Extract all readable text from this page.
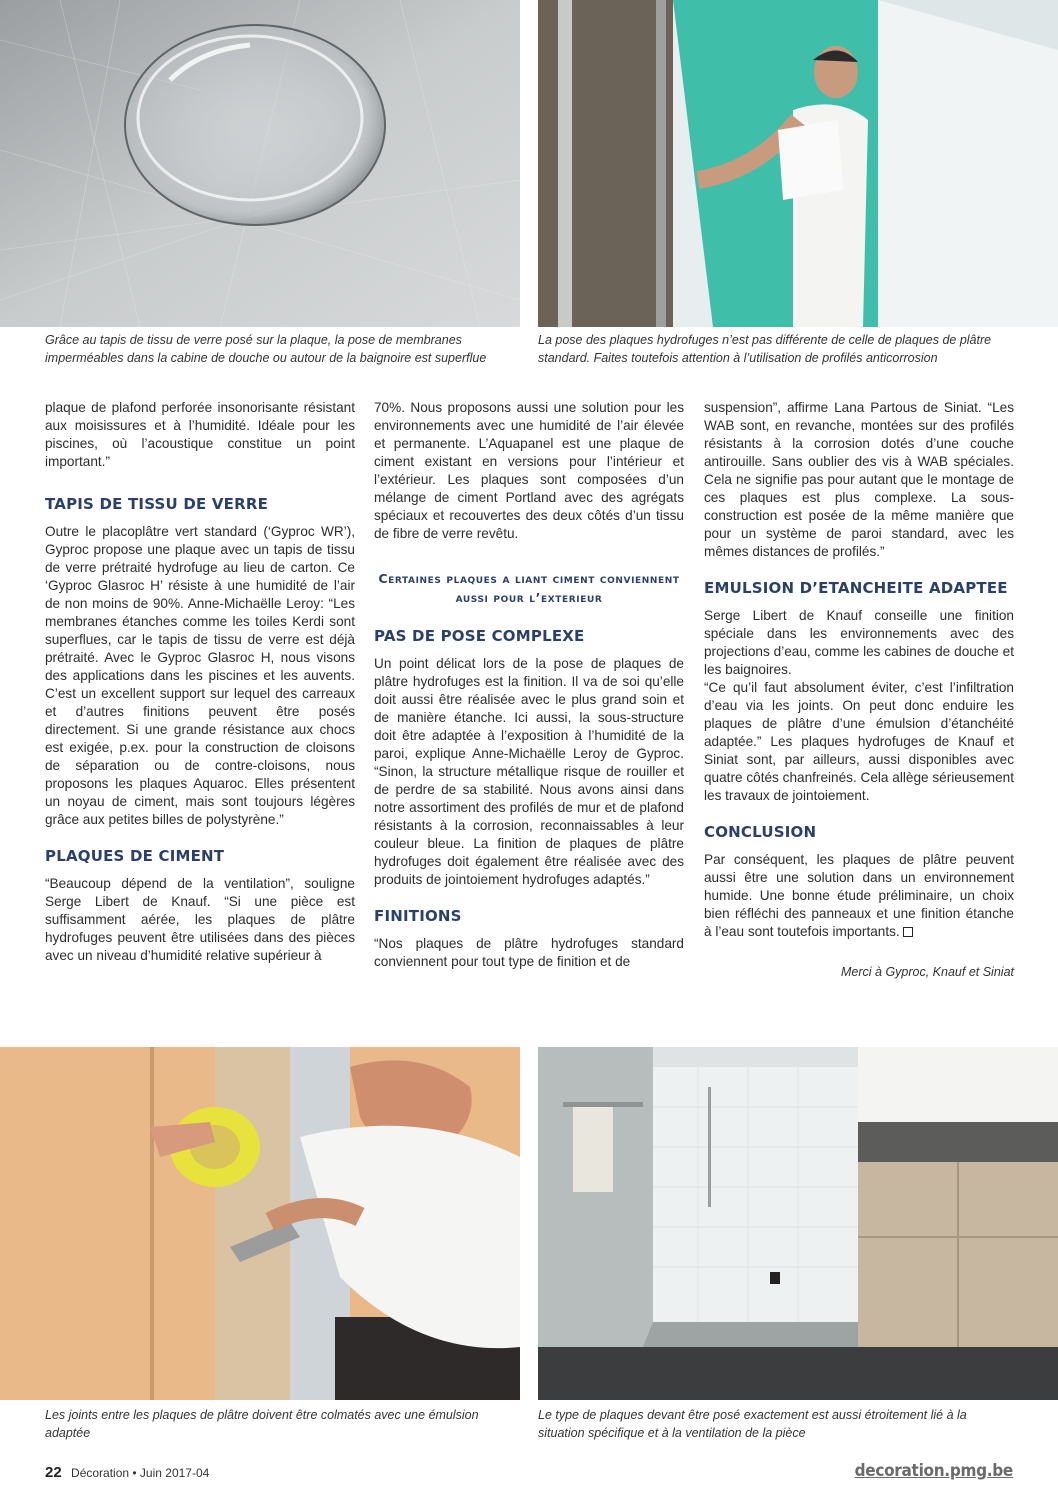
Grâce au tapis de tissu de verre posé sur la plaque, la pose de membranes imperméables dans la cabine de douche ou autour de la baignoire est superflue
La pose des plaques hydrofuges n’est pas différente de celle de plaques de plâtre standard. Faites toutefois attention à l’utilisation de profilés anticorrosion

plaque de plafond perforée insonorisante résistant aux moisissures et à l’humidité. Idéale pour les piscines, où l’acoustique constitue un point important.”

TAPIS DE TISSU DE VERRE

Outre le placoplâtre vert standard (‘Gyproc WR’), Gyproc propose une plaque avec un tapis de tissu de verre prétraité hydrofuge au lieu de carton. Ce ‘Gyproc Glasroc H’ résiste à une humidité de l’air de non moins de 90%. Anne-Michaëlle Leroy: “Les membranes étanches comme les toiles Kerdi sont superflues, car le tapis de tissu de verre est déjà prétraité. Avec le Gyproc Glasroc H, nous visons des applications dans les piscines et les auvents. C’est un excellent support sur lequel des carreaux et d’autres finitions peuvent être posés directement. Si une grande résistance aux chocs est exigée, p.ex. pour la construction de cloisons de séparation ou de contre-cloisons, nous proposons les plaques Aquaroc. Elles présentent un noyau de ciment, mais sont toujours légères grâce aux petites billes de polystyrène.”

PLAQUES DE CIMENT

“Beaucoup dépend de la ventilation”, souligne Serge Libert de Knauf. “Si une pièce est suffisamment aérée, les plaques de plâtre hydrofuges peuvent être utilisées dans des pièces avec un niveau d’humidité relative supérieur à

70%. Nous proposons aussi une solution pour les environnements avec une humidité de l’air élevée et permanente. L’Aquapanel est une plaque de ciment existant en versions pour l’intérieur et l’extérieur. Les plaques sont composées d’un mélange de ciment Portland avec des agrégats spéciaux et recouvertes des deux côtés d’un tissu de fibre de verre revêtu.

Certaines plaques a liant ciment conviennent aussi pour l’exterieur
PAS DE POSE COMPLEXE

Un point délicat lors de la pose de plaques de plâtre hydrofuges est la finition. Il va de soi qu’elle doit aussi être réalisée avec le plus grand soin et de manière étanche. Ici aussi, la sous-structure doit être adaptée à l’exposition à l’humidité de la paroi, explique Anne-Michaëlle Leroy de Gyproc. “Sinon, la structure métallique risque de rouiller et de perdre de sa stabilité. Nous avons ainsi dans notre assortiment des profilés de mur et de plafond résistants à la corrosion, reconnaissables à leur couleur bleue. La finition de plaques de plâtre hydrofuges doit également être réalisée avec des produits de jointoiement hydrofuges adaptés.”

FINITIONS

“Nos plaques de plâtre hydrofuges standard conviennent pour tout type de finition et de

suspension”, affirme Lana Partous de Siniat. “Les WAB sont, en revanche, montées sur des profilés résistants à la corrosion dotés d’une couche antirouille. Sans oublier des vis à WAB spéciales. Cela ne signifie pas pour autant que le montage de ces plaques est plus complexe. La sous-construction est posée de la même manière que pour un système de paroi standard, avec les mêmes distances de profilés.”

EMULSION D’ETANCHEITE ADAPTEE

Serge Libert de Knauf conseille une finition spéciale dans les environnements avec des projections d’eau, comme les cabines de douche et les baignoires.

“Ce qu’il faut absolument éviter, c’est l’infiltration d’eau via les joints. On peut donc enduire les plaques de plâtre d’une émulsion d’étanchéité adaptée.” Les plaques hydrofuges de Knauf et Siniat sont, par ailleurs, aussi disponibles avec quatre côtés chanfreinés. Cela allège sérieusement les travaux de jointoiement.

CONCLUSION

Par conséquent, les plaques de plâtre peuvent aussi être une solution dans un environnement humide. Une bonne étude préliminaire, un choix bien réfléchi des panneaux et une finition étanche à l’eau sont toutefois importants.

Merci à Gyproc, Knauf et Siniat
Les joints entre les plaques de plâtre doivent être colmatés avec une émulsion adaptée
Le type de plaques devant être posé exactement est aussi étroitement lié à la situation spécifique et à la ventilation de la pièce
22 Décoration • Juin 2017-04	decoration.pmg.be
